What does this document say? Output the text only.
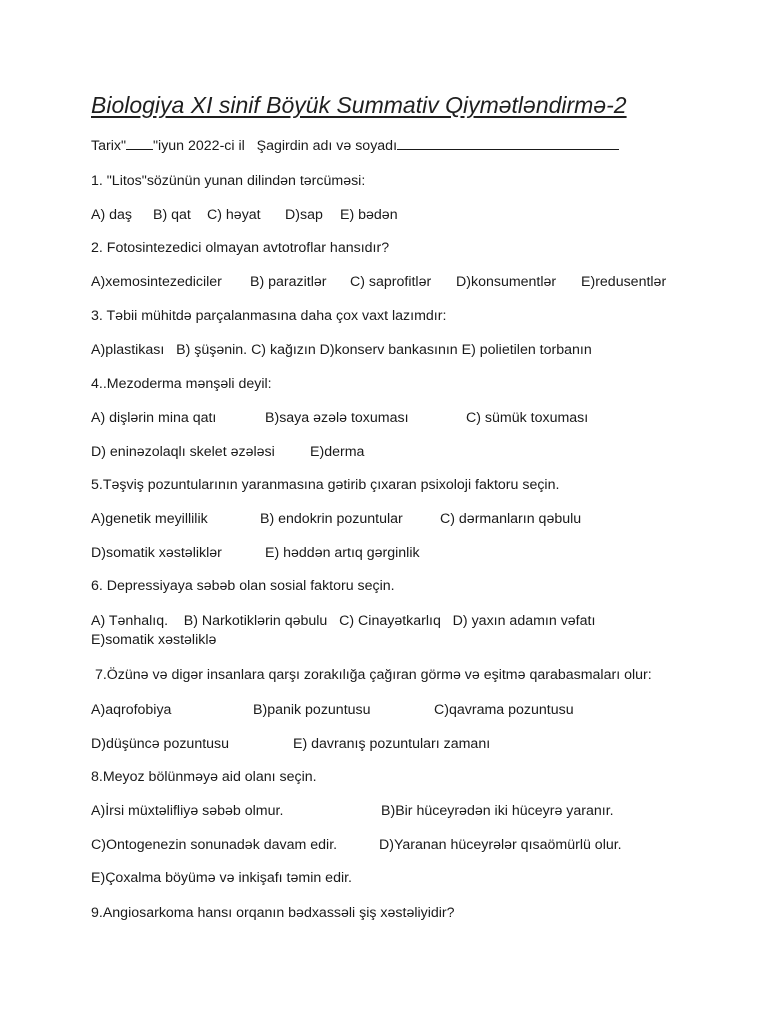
Biologiya XI sinif Böyük Summativ Qiymətləndirmə-2
Tarix" "iyun 2022-ci il Şagirdin adı və soyadı
1. "Litos"sözünün yunan dilindən tərcüməsi:
A) daş B) qat C) həyat D)sap E) bədən
2. Fotosintezedici olmayan avtotroflar hansıdır?
A)xemosintezediciler B) parazitlər C) saprofitlər D)konsumentlər E)redusentlər
3. Təbii mühitdə parçalanmasına daha çox vaxt lazımdır:
A)plastikası   B) şüşənin. C) kağızın D)konserv bankasının E) polietilen torbanın
4..Mezoderma mənşəli deyil:
A) dişlərin mina qatı	B)saya əzələ toxuması	C) sümük toxuması
D) eninəzolaqlı skelet əzələsi E)derma
5.Təşviş pozuntularının yaranmasına gətirib çıxaran psixoloji faktoru seçin.
A)genetik meyillilik	B) endokrin pozuntular	C) dərmanların qəbulu
D)somatik xəstəliklər	E) həddən artıq gərginlik
6. Depressiyaya səbəb olan sosial faktoru seçin.
A) Tənhalıq.    B) Narkotiklərin qəbulu   C) Cinayətkarlıq   D) yaxın adamın vəfatı
E)somatik xəstəliklə
7.Özünə və digər insanlara qarşı zorakılığa çağıran görmə və eşitmə qarabasmaları olur:
A)aqrofobiya	B)panik pozuntusu	C)qavrama pozuntusu
D)düşüncə pozuntusu	E) davranış pozuntuları zamanı
8.Meyoz bölünməyə aid olanı seçin.
A)İrsi müxtəlifliyə səbəb olmur.	B)Bir hüceyrədən iki hüceyrə yaranır.
C)Ontogenezin sonunadək davam edir.	D)Yaranan hüceyrələr qısaömürlü olur.
E)Çoxalma böyümə və inkişafı təmin edir.
9.Angiosarkoma hansı orqanın bədxassəli şiş xəstəliyidir?
